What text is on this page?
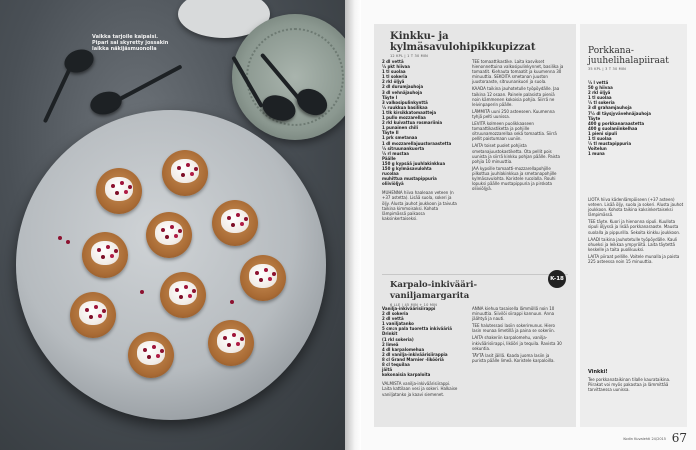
Vaikka tarjoile kaipaisi. Pipari sai skyretty jossakin laikka näkijäsmuonolla
Kinkku- ja kylmäsavulohipikkupizzat
12 KPL | 1 T 30 MIN
2 dl vettä
½ pkt hiivaa
1 tl suolaa
1 tl sokeria
2 rkl öljyä
2 dl durumjauhoja
3 dl vehnäjauhoja
Täyte I
3 valkosipulinkynttä
½ ruukkua basilikaa
1 tlk kirsikkatomaatteja
1 pullo mozzarellaa
2 rkl kuivattua rosmariinia
1 punainen chili
Täyte II
1 prk smetanaa
1 dl mozzarellajuustoraastetta
½ sitruunankuorta
½ rl mustaa
Päälle
150 g kypsää juuhlakinkkua
150 g kylmäsavulohta
rucolaa
muhittua mustapippuria
oliiviöljyä
MUHENNA hiiva haaleaan veteen (n +37 astetta). Lisää suola, sokeri ja öljy. Alusta jauhot joukkoon ja taivuta taikina kimmoisaksi. Kohota lämpimässä paikassa kaksinkertaiseksi.

TEE tomaattikastike. Laita kasvikset hienonnettuina valkosipulinkynnet, basilika ja tomaatit. Kiehauta tomaatit ja kuumenna 30 minuuttia. SEKOITA smetanan juuston juustoraaste, sitruunankuori ja suola.

KAADA taikina jauhotetulle työpöydälle. Jaa taikina 12 osaan. Painele palasista pieniä noin kämmenen kokoisia pohjia. Siirrä ne leivinpaperin päälle.

LÄMMITÄ uuni 250 asteeseen. Kuumenna tyhjä pelti uunissa.

LEVITÄ kolmeen puolikkaaseen tomaattikastiketta ja pohjille sitruunamozzarellaa sekä tomaattia. Siirrä pellit paistumaan uuniin.

LAITA toiset puolet pohjista smetanajuustokastiketta. Ota pellit pois uunista ja siirrä kinkku pohjan päälle. Paista pohjia 10 minuuttia.

JAA kypsille tomaatti-mozzarellapohjille pilkottua juuhlakinkkua ja smetanapohjille kylmäsavulohta. Koristele rucolalla. Rouhi lopuksi päälle mustapippuria ja pirskota oliiviöljyä.

Karpalo-inkivääri-vaniljamargarita
6 LLE | 45 MIN + 10 MIN
K-18
Vanilja-inkiväärisiirappi
2 dl sokeria
2 dl vettä
1 vaniljatanko
5 cm:n pala tuoretta inkivääriä
Drinkit
(1 rkl sokeria)
2 limeä
4 dl karpalomehua
2 dl vanilja-inkiväärisiirappia
8 cl Grand Marnier -likööriä
8 cl tequilaa
jäitä
kokonaisia karpaloita
VALMISTA vanilja-inkiväärisiirappi. Laita kattilaan vesi ja sokeri. Halkaise vaniljatanko ja kaavi siemenet.

ANNA kiehua tasaisella lämmöllä noin 10 minuuttia. Siivilöi siirappi kannuun. Anna jäähtyä ja nauti.

TEE halutessasi lasiin sokerireunus. Hiero lasin reunaa limetillä ja paina se sokeriin.

LAITA shakeriin karpalomehu, vanilja-inkiväärisiirappi, likööri ja tequila. Ravista 30 sekuntia.

TÄYTÄ lasit jäillä. Kaada juoma lasiin ja purista päälle limeä. Koristele karpaloilla.

Porkkana-juuhelihalapiiraat
35 KPL | 3 T 30 MIN
½ l vettä
50 g hiivaa
2 rkl öljyä
1 tl suolaa
½ tl sokeria
3 dl grahamjauhoja
7½ dl täysjyvävehnäjauhoja
Täyte
400 g porkkanaraastetta
400 g suolaniinkelhaa
1 pieni sipuli
1 tl suolaa
½ tl mustapippuria
Voitelun
1 muna

LIOTA hiiva kädenlämpöiseen (+37 asteen) veteen. Lisää öljy, suola ja sokeri. Alusta jauhot joukkoon. Kohota taikina kaksinkertaiseksi lämpimässä.

TEE täyte. Kuori ja hienonna sipuli. Kuullota sipuli öljyssä ja lisää porkkanaraaste. Mausta suolalla ja pippurilla. Sekoita kinkku joukkoon.

LAADI taikina jauhotetulle työpöydälle. Kauli ohueksi ja leikkaa ympyröitä. Laita täytettä keskelle ja taita puolikuuksi.

LAITA piiraat pellille. Voitele munalla ja paista 225 asteessa noin 15 minuuttia.

Vinkki!
Tee porkkanataikinan tilalle kaurataikina. Piirakat voi myös pakastaa ja lämmittää tarvittaessa uunissa.
Kodin Kuvalehti 24/2015 67
